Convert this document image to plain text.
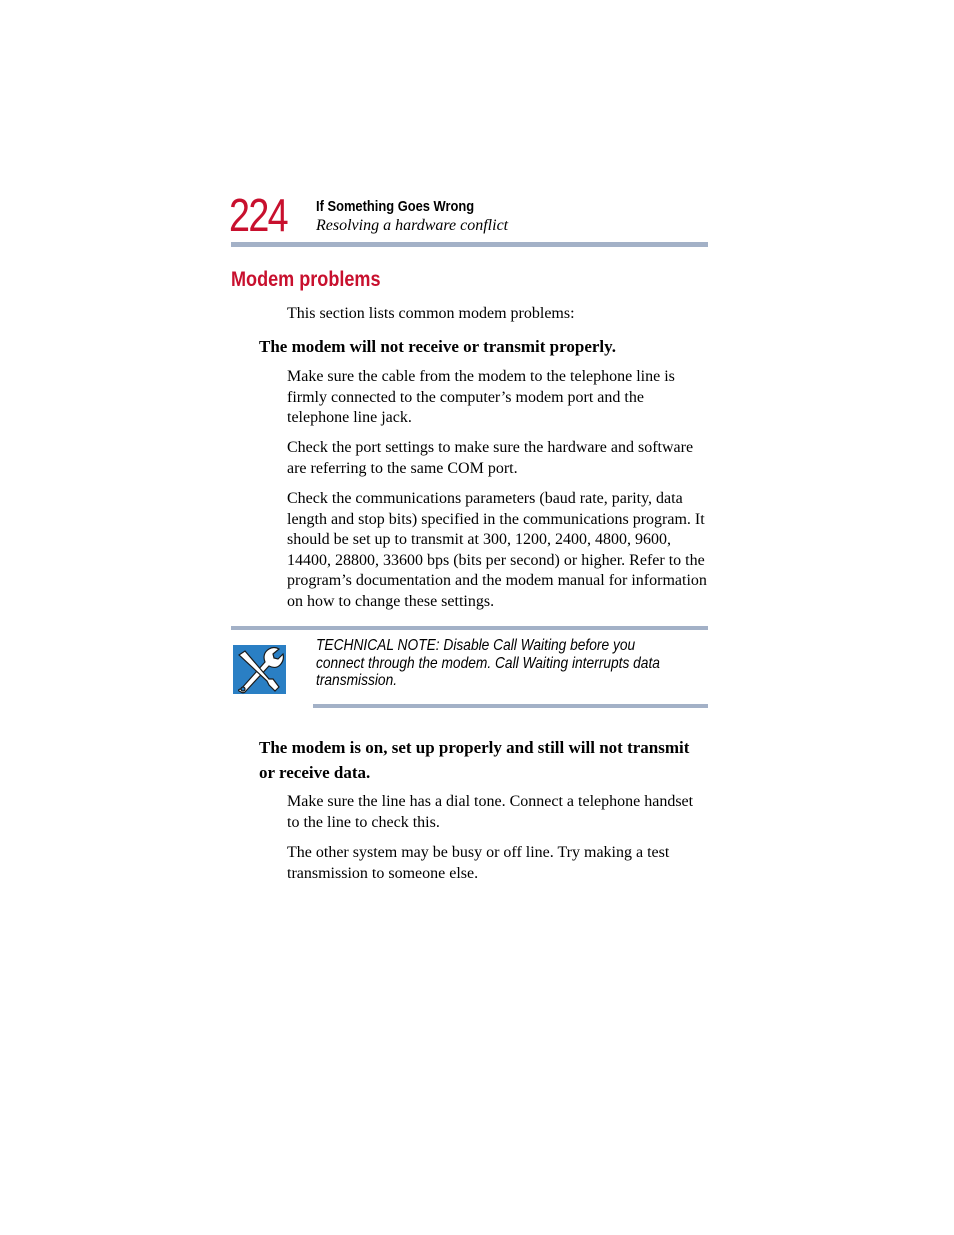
224 If Something Goes Wrong
Resolving a hardware conflict
Modem problems

This section lists common modem problems:

The modem will not receive or transmit properly.

Make sure the cable from the modem to the telephone line is firmly connected to the computer’s modem port and the telephone line jack.

Check the port settings to make sure the hardware and software are referring to the same COM port.

Check the communications parameters (baud rate, parity, data length and stop bits) specified in the communications program. It should be set up to transmit at 300, 1200, 2400, 4800, 9600, 14400, 28800, 33600 bps (bits per second) or higher. Refer to the program’s documentation and the modem manual for information on how to change these settings.

TECHNICAL NOTE: Disable Call Waiting before you connect through the modem. Call Waiting interrupts data transmission.

The modem is on, set up properly and still will not transmit or receive data.

Make sure the line has a dial tone. Connect a telephone handset to the line to check this.

The other system may be busy or off line. Try making a test transmission to someone else.
